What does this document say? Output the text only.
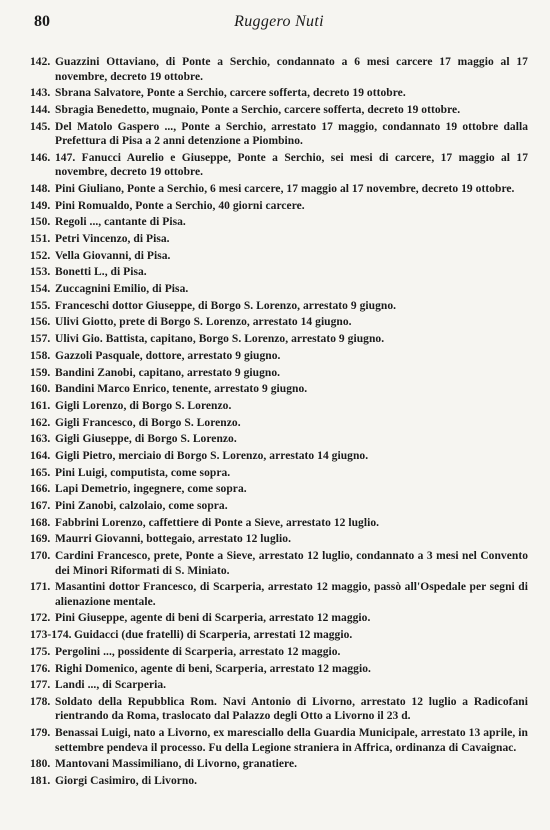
80	Ruggero Nuti
142. Guazzini Ottaviano, di Ponte a Serchio, condannato a 6 mesi carcere 17 maggio al 17 novembre, decreto 19 ottobre.
143. Sbrana Salvatore, Ponte a Serchio, carcere sofferta, decreto 19 ottobre.
144. Sbragia Benedetto, mugnaio, Ponte a Serchio, carcere sofferta, decreto 19 ottobre.
145. Del Matolo Gaspero ..., Ponte a Serchio, arrestato 17 maggio, condannato 19 ottobre dalla Prefettura di Pisa a 2 anni detenzione a Piombino.
146. 147. Fanucci Aurelio e Giuseppe, Ponte a Serchio, sei mesi di carcere, 17 maggio al 17 novembre, decreto 19 ottobre.
148. Pini Giuliano, Ponte a Serchio, 6 mesi carcere, 17 maggio al 17 novembre, decreto 19 ottobre.
149. Pini Romualdo, Ponte a Serchio, 40 giorni carcere.
150. Regoli ..., cantante di Pisa.
151. Petri Vincenzo, di Pisa.
152. Vella Giovanni, di Pisa.
153. Bonetti L., di Pisa.
154. Zuccagnini Emilio, di Pisa.
155. Franceschi dottor Giuseppe, di Borgo S. Lorenzo, arrestato 9 giugno.
156. Ulivi Giotto, prete di Borgo S. Lorenzo, arrestato 14 giugno.
157. Ulivi Gio. Battista, capitano, Borgo S. Lorenzo, arrestato 9 giugno.
158. Gazzoli Pasquale, dottore, arrestato 9 giugno.
159. Bandini Zanobi, capitano, arrestato 9 giugno.
160. Bandini Marco Enrico, tenente, arrestato 9 giugno.
161. Gigli Lorenzo, di Borgo S. Lorenzo.
162. Gigli Francesco, di Borgo S. Lorenzo.
163. Gigli Giuseppe, di Borgo S. Lorenzo.
164. Gigli Pietro, merciaio di Borgo S. Lorenzo, arrestato 14 giugno.
165. Pini Luigi, computista, come sopra.
166. Lapi Demetrio, ingegnere, come sopra.
167. Pini Zanobi, calzolaio, come sopra.
168. Fabbrini Lorenzo, caffettiere di Ponte a Sieve, arrestato 12 luglio.
169. Maurri Giovanni, bottegaio, arrestato 12 luglio.
170. Cardini Francesco, prete, Ponte a Sieve, arrestato 12 luglio, condannato a 3 mesi nel Convento dei Minori Riformati di S. Miniato.
171. Masantini dottor Francesco, di Scarperia, arrestato 12 maggio, passò all'Ospedale per segni di alienazione mentale.
172. Pini Giuseppe, agente di beni di Scarperia, arrestato 12 maggio.
173-174. Guidacci (due fratelli) di Scarperia, arrestati 12 maggio.
175. Pergolini ..., possidente di Scarperia, arrestato 12 maggio.
176. Righi Domenico, agente di beni, Scarperia, arrestato 12 maggio.
177. Landi ..., di Scarperia.
178. Soldato della Repubblica Rom. Navi Antonio di Livorno, arrestato 12 luglio a Radicofani rientrando da Roma, traslocato dal Palazzo degli Otto a Livorno il 23 d.
179. Benassai Luigi, nato a Livorno, ex maresciallo della Guardia Municipale, arrestato 13 aprile, in settembre pendeva il processo. Fu della Legione straniera in Affrica, ordinanza di Cavaignac.
180. Mantovani Massimiliano, di Livorno, granatiere.
181. Giorgi Casimiro, di Livorno.
